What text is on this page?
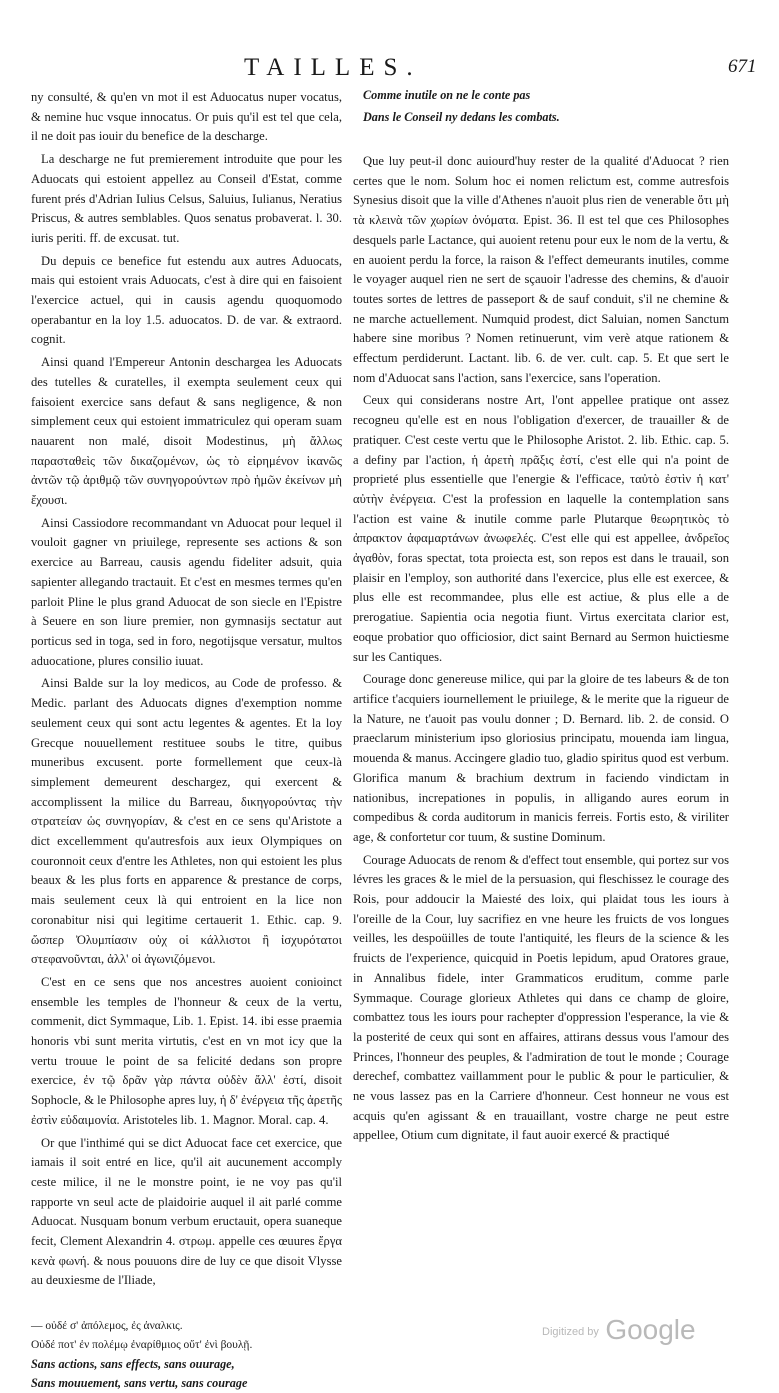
TAILLES.	671

ny consulté, & qu'en vn mot il est Aduocatus nuper vocatus, & nemine huc vsque innocatus. Or puis qu'il est tel que cela, il ne doit pas iouir du benefice de la descharge.

La descharge ne fut premierement introduite que pour les Aduocats qui estoient appellez au Conseil d'Estat, comme furent prés d'Adrian Iulius Celsus, Saluius, Iulianus, Neratius Priscus, & autres semblables. Quos senatus probaverat. l. 30. iuris periti. ff. de excusat. tut.

Du depuis ce benefice fut estendu aux autres Aduocats, mais qui estoient vrais Aduocats, c'est à dire qui en faisoient l'exercice actuel, qui in causis agendu quoquomodo operabantur en la loy 1.5. aduocatos. D. de var. & extraord. cognit.

Ainsi quand l'Empereur Antonin deschargea les Aduocats des tutelles & curatelles, il exempta seulement ceux qui faisoient exercice sans defaut & sans negligence, & non simplement ceux qui estoient immatriculez qui operam suam nauarent non malé, disoit Modestinus, μὴ ἄλλως παρασταθεὶς τῶν δικαζομένων, ὡς τὸ εἰρημένον ἱκανῶς ἀντῶν τῷ ἀριθμῷ τῶν συνηγορούντων πρὸ ἡμῶν ἐκείνων μὴ ἔχουσι.

Ainsi Cassiodore recommandant vn Aduocat pour lequel il vouloit gagner vn priuilege, represente ses actions & son exercice au Barreau, causis agendu fideliter adsuit, quia sapienter allegando tractauit. Et c'est en mesmes termes qu'en parloit Pline le plus grand Aduocat de son siecle en l'Epistre à Seuere en son liure premier, non gymnasijs sectatur aut porticus sed in toga, sed in foro, negotijsque versatur, multos aduocatione, plures consilio iuuat.

Ainsi Balde sur la loy medicos, au Code de professo. & Medic. parlant des Aduocats dignes d'exemption nomme seulement ceux qui sont actu legentes & agentes. Et la loy Grecque nouuellement restituee soubs le titre, quibus muneribus excusent. porte formellement que ceux-là simplement demeurent deschargez, qui exercent & accomplissent la milice du Barreau, δικηγορούντας τὴν στρατείαν ὡς συνηγορίαν, & c'est en ce sens qu'Aristote a dict excellemment qu'autresfois aux ieux Olympiques on couronnoit ceux d'entre les Athletes, non qui estoient les plus beaux & les plus forts en apparence & prestance de corps, mais seulement ceux là qui entroient en la lice non coronabitur nisi qui legitime certauerit 1. Ethic. cap. 9. ὥσπερ Ὀλυμπίασιν οὐχ οἱ κάλλιστοι ἢ ἰσχυρότατοι στεφανοῦνται, ἀλλ' οἱ ἀγωνιζόμενοι.

C'est en ce sens que nos ancestres auoient conioinct ensemble les temples de l'honneur & ceux de la vertu, commenit, dict Symmaque, Lib. 1. Epist. 14. ibi esse praemia honoris vbi sunt merita virtutis, c'est en vn mot icy que la vertu trouue le point de sa felicité dedans son propre exercice, ἐν τῷ δρᾶν γὰρ πάντα οὐδὲν ἄλλ' ἐστί, disoit Sophocle, & le Philosophe apres luy, ἡ δ' ἐνέργεια τῆς ἀρετῆς ἐστὶν εὐδαιμονία. Aristoteles lib. 1. Magnor. Moral. cap. 4.

Or que l'inthimé qui se dict Aduocat face cet exercice, que iamais il soit entré en lice, qu'il ait aucunement accomply ceste milice, il ne le monstre point, ie ne voy pas qu'il rapporte vn seul acte de plaidoirie auquel il ait parlé comme Aduocat. Nusquam bonum verbum eructauit, opera suaneque fecit, Clement Alexandrin 4. στρωμ. appelle ces œuures ἔργα κενὰ φωνή. & nous pouuons dire de luy ce que disoit Vlysse au deuxiesme de l'Iliade,

— οὐδέ σ' ἀπόλεμος, ἐς ἀναλκις.

Οὐδέ ποτ' ἐν πολέμῳ ἐναρίθμιος οὔτ' ἐνὶ βουλῇ.

Sans actions, sans effects, sans ouurage,

Sans mouuement, sans vertu, sans courage

Comme inutile on ne le conte pas

Dans le Conseil ny dedans les combats.

Que luy peut-il donc auiourd'huy rester de la qualité d'Aduocat ? rien certes que le nom. Solum hoc ei nomen relictum est, comme autresfois Synesius disoit que la ville d'Athenes n'auoit plus rien de venerable ὅτι μὴ τὰ κλεινὰ τῶν χωρίων ὀνόματα. Epist. 36. Il est tel que ces Philosophes desquels parle Lactance, qui auoient retenu pour eux le nom de la vertu, & en auoient perdu la force, la raison & l'effect demeurants inutiles, comme le voyager auquel rien ne sert de sçauoir l'adresse des chemins, & d'auoir toutes sortes de lettres de passeport & de sauf conduit, s'il ne chemine & ne marche actuellement. Numquid prodest, dict Saluian, nomen Sanctum habere sine moribus ? Nomen retinuerunt, vim verè atque rationem & effectum perdiderunt. Lactant. lib. 6. de ver. cult. cap. 5. Et que sert le nom d'Aduocat sans l'action, sans l'exercice, sans l'operation.

Ceux qui considerans nostre Art, l'ont appellee pratique ont assez recogneu qu'elle est en nous l'obligation d'exercer, de trauailler & de pratiquer. C'est ceste vertu que le Philosophe Aristot. 2. lib. Ethic. cap. 5. a definy par l'action, ἡ ἀρετὴ πρᾶξις ἐστί, c'est elle qui n'a point de proprieté plus essentielle que l'energie & l'efficace, ταὐτὸ ἐστὶν ἡ κατ' αὐτὴν ἐνέργεια. C'est la profession en laquelle la contemplation sans l'action est vaine & inutile comme parle Plutarque θεωρητικὸς τὸ ἀπρακτον ἀφαμαρτάνων ἀνωφελές. C'est elle qui est appellee, ἀνδρεῖος ἀγαθὸν, foras spectat, tota proiecta est, son repos est dans le trauail, son plaisir en l'employ, son authorité dans l'exercice, plus elle est exercee, & plus elle est recommandee, plus elle est actiue, & plus elle a de prerogatiue. Sapientia ocia negotia fiunt. Virtus exercitata clarior est, eoque probatior quo officiosior, dict saint Bernard au Sermon huictiesme sur les Cantiques.

Courage donc genereuse milice, qui par la gloire de tes labeurs & de ton artifice t'acquiers iournellement le priuilege, & le merite que la rigueur de la Nature, ne t'auoit pas voulu donner ; D. Bernard. lib. 2. de consid. O praeclarum ministerium ipso gloriosius principatu, mouenda iam lingua, mouenda & manus. Accingere gladio tuo, gladio spiritus quod est verbum. Glorifica manum & brachium dextrum in faciendo vindictam in nationibus, increpationes in populis, in alligando aures eorum in compedibus & corda auditorum in manicis ferreis. Fortis esto, & viriliter age, & confortetur cor tuum, & sustine Dominum.

Courage Aduocats de renom & d'effect tout ensemble, qui portez sur vos lévres les graces & le miel de la persuasion, qui fleschissez le courage des Rois, pour addoucir la Maiesté des loix, qui plaidat tous les iours à l'oreille de la Cour, luy sacrifiez en vne heure les fruicts de vos longues veilles, les despoüilles de toute l'antiquité, les fleurs de la science & les fruicts de l'experience, quicquid in Poetis lepidum, apud Oratores graue, in Annalibus fidele, inter Grammaticos eruditum, comme parle Symmaque. Courage glorieux Athletes qui dans ce champ de gloire, combattez tous les iours pour rachepter d'oppression l'esperance, la vie & la posterité de ceux qui sont en affaires, attirans dessus vous l'amour des Princes, l'honneur des peuples, & l'admiration de tout le monde ; Courage derechef, combattez vaillamment pour le public & pour le particulier, & ne vous lassez pas en la Carriere d'honneur. Cest honneur ne vous est acquis qu'en agissant & en trauaillant, vostre charge ne peut estre appellee, Otium cum dignitate, il faut auoir exercé & practiqué

$^{Digitized by}$ Google
